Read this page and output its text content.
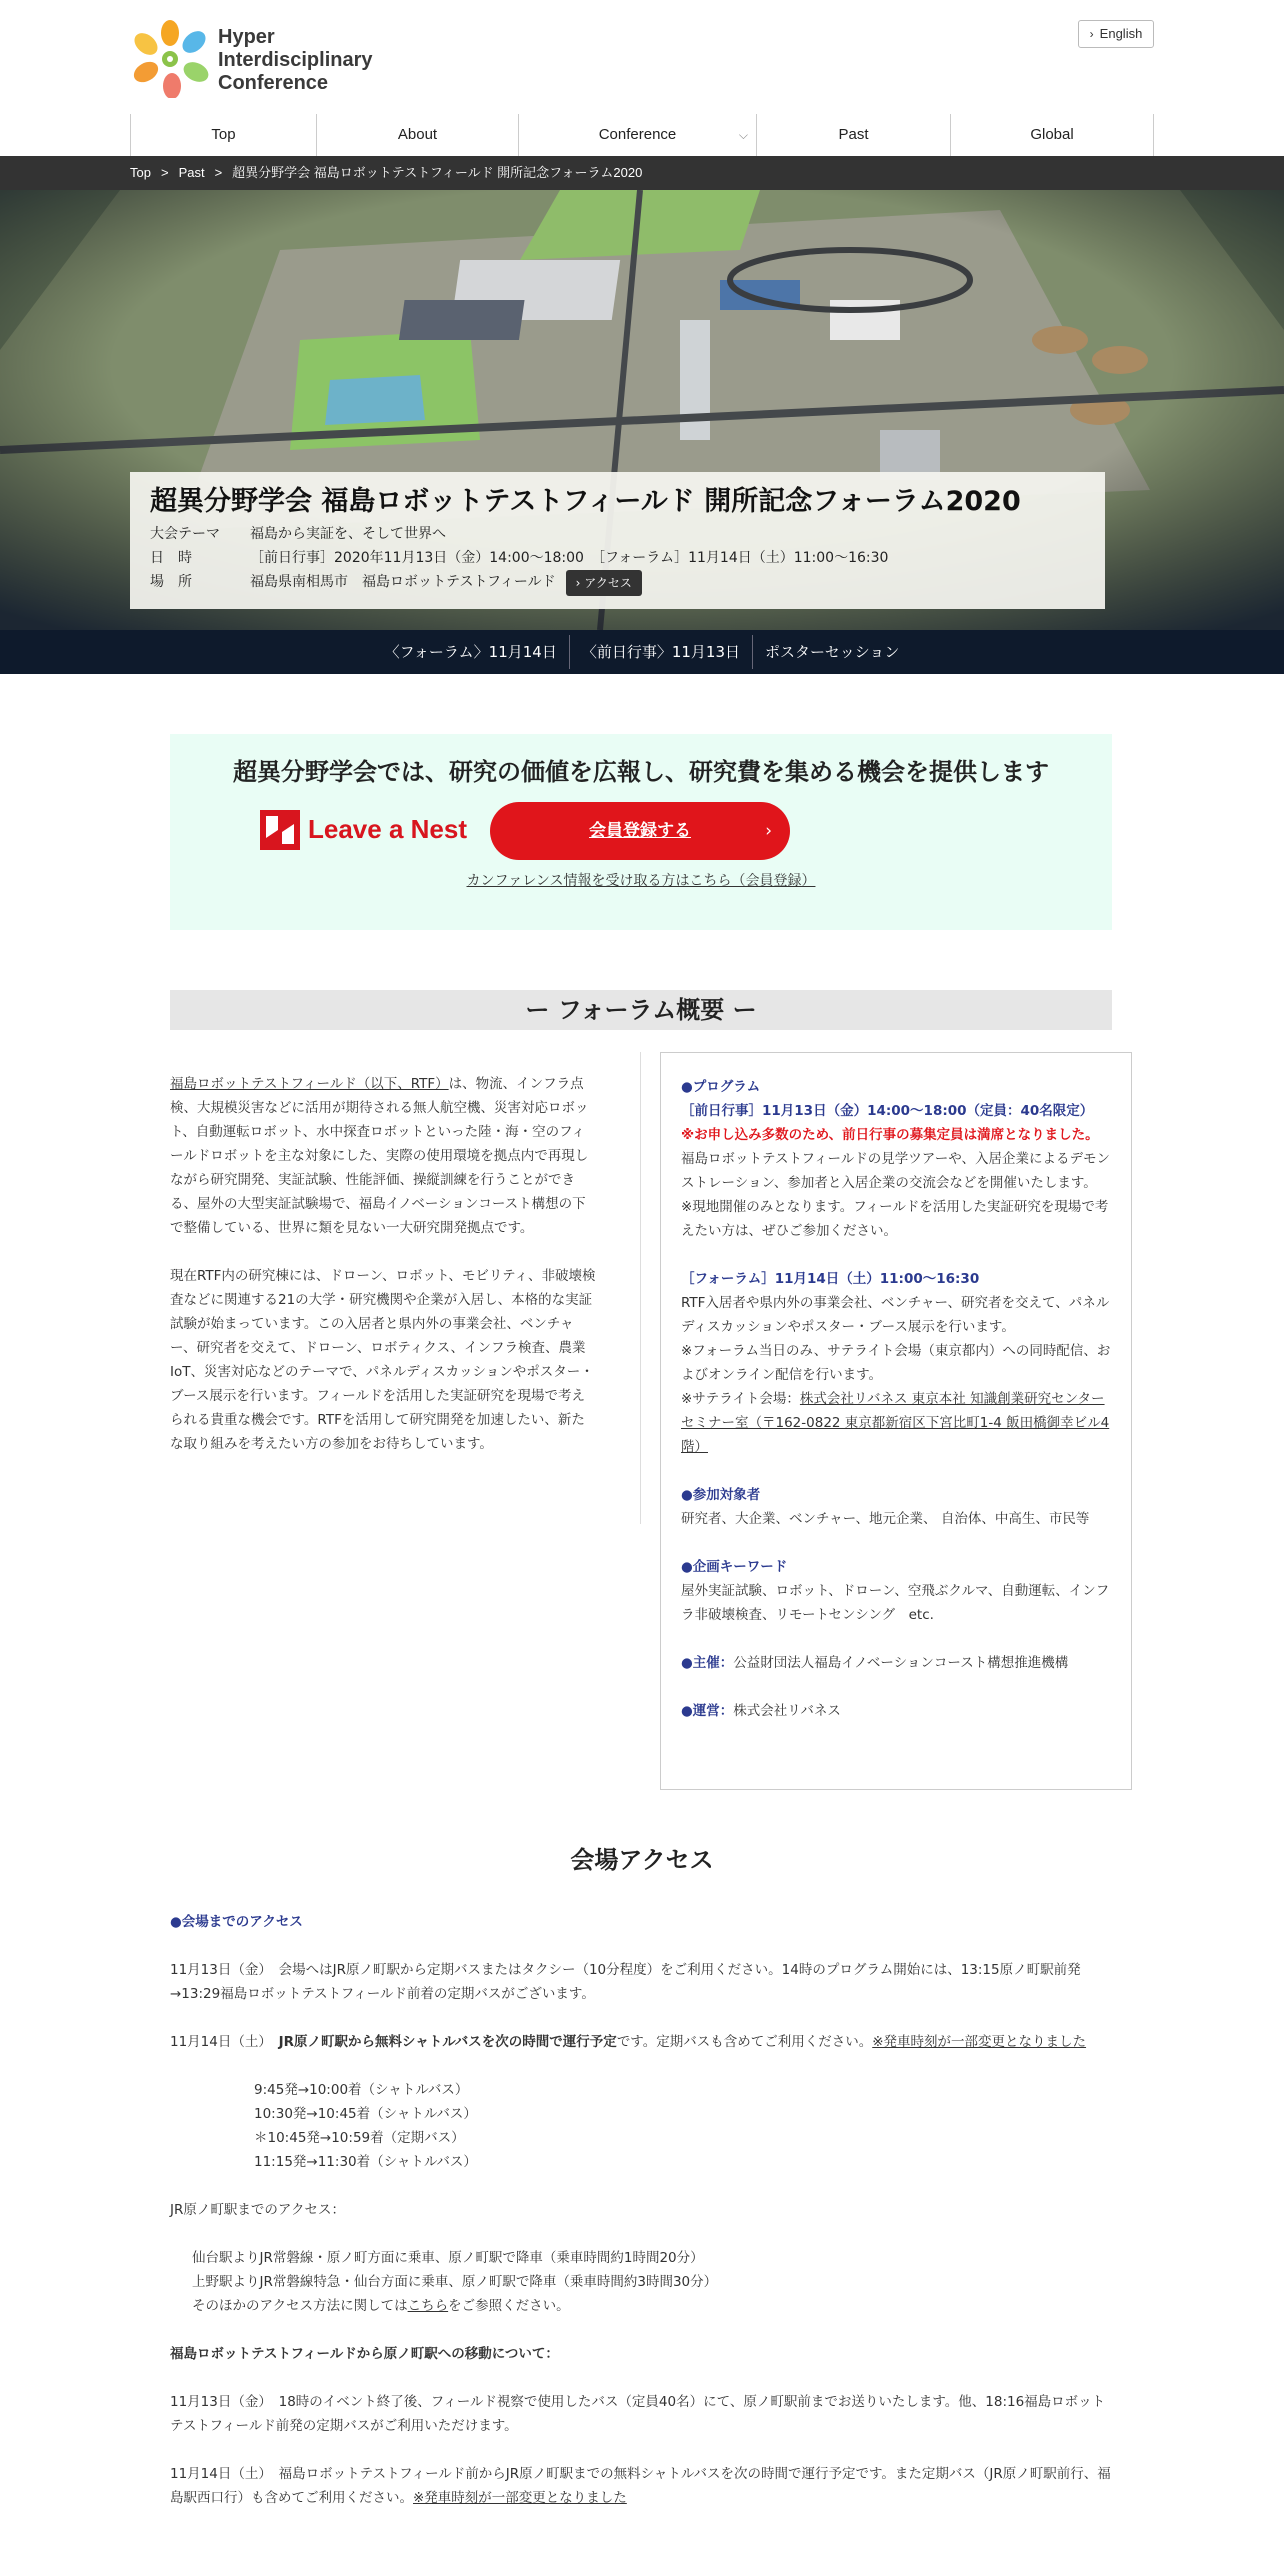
Hyper
Interdisciplinary
Conference
› English
Top	About	Conference	⌵	Past	Global
Top > Past > 超異分野学会 福島ロボットテストフィールド 開所記念フォーラム2020
超異分野学会 福島ロボットテストフィールド 開所記念フォーラム2020
大会テーマ	福島から実証を、そして世界へ
日　時	［前日行事］2020年11月13日（金）14:00〜18:00　［フォーラム］11月14日（土）11:00〜16:30
場　所	福島県南相馬市　福島ロボットテストフィールド	› アクセス
〈フォーラム〉11月14日	〈前日行事〉11月13日	ポスターセッション
超異分野学会では、研究の価値を広報し、研究費を集める機会を提供します
Leave a Nest	会員登録する	›
カンファレンス情報を受け取る方はこちら（会員登録）
ー フォーラム概要 ー

福島ロボットテストフィールド（以下、RTF）は、物流、インフラ点検、大規模災害などに活用が期待される無人航空機、災害対応ロボット、自動運転ロボット、水中探査ロボットといった陸・海・空のフィールドロボットを主な対象にした、実際の使用環境を拠点内で再現しながら研究開発、実証試験、性能評価、操縦訓練を行うことができる、屋外の大型実証試験場で、福島イノベーションコースト構想の下で整備している、世界に類を見ない一大研究開発拠点です。

現在RTF内の研究棟には、ドローン、ロボット、モビリティ、非破壊検査などに関連する21の大学・研究機関や企業が入居し、本格的な実証試験が始まっています。この入居者と県内外の事業会社、ベンチャー、研究者を交えて、ドローン、ロボティクス、インフラ検査、農業IoT、災害対応などのテーマで、パネルディスカッションやポスター・ブース展示を行います。フィールドを活用した実証研究を現場で考えられる貴重な機会です。RTFを活用して研究開発を加速したい、新たな取り組みを考えたい方の参加をお待ちしています。

●プログラム
［前日行事］11月13日（金）14:00〜18:00（定員：40名限定）
※お申し込み多数のため、前日行事の募集定員は満席となりました。
福島ロボットテストフィールドの見学ツアーや、入居企業によるデモンストレーション、参加者と入居企業の交流会などを開催いたします。
※現地開催のみとなります。フィールドを活用した実証研究を現場で考えたい方は、ぜひご参加ください。
［フォーラム］11月14日（土）11:00〜16:30
RTF入居者や県内外の事業会社、ベンチャー、研究者を交えて、パネルディスカッションやポスター・ブース展示を行います。
※フォーラム当日のみ、サテライト会場（東京都内）への同時配信、およびオンライン配信を行います。
※サテライト会場：株式会社リバネス 東京本社 知識創業研究センター セミナー室（〒162-0822 東京都新宿区下宮比町1-4 飯田橋御幸ビル4階）
●参加対象者
研究者、大企業、ベンチャー、地元企業、 自治体、中高生、市民等
●企画キーワード
屋外実証試験、ロボット、ドローン、空飛ぶクルマ、自動運転、インフラ非破壊検査、リモートセンシング　etc.
●主催：公益財団法人福島イノベーションコースト構想推進機構
●運営：株式会社リバネス
会場アクセス
●会場までのアクセス
11月13日（金）　会場へはJR原ノ町駅から定期バスまたはタクシー（10分程度）をご利用ください。14時のプログラム開始には、13:15原ノ町駅前発→13:29福島ロボットテストフィールド前着の定期バスがございます。
11月14日（土）　JR原ノ町駅から無料シャトルバスを次の時間で運行予定です。定期バスも含めてご利用ください。※発車時刻が一部変更となりました
9:45発→10:00着（シャトルバス）
10:30発→10:45着（シャトルバス）
＊10:45発→10:59着（定期バス）
11:15発→11:30着（シャトルバス）
JR原ノ町駅までのアクセス：
仙台駅よりJR常磐線・原ノ町方面に乗車、原ノ町駅で降車（乗車時間約1時間20分）
上野駅よりJR常磐線特急・仙台方面に乗車、原ノ町駅で降車（乗車時間約3時間30分）
そのほかのアクセス方法に関してはこちらをご参照ください。
福島ロボットテストフィールドから原ノ町駅への移動について：
11月13日（金）　18時のイベント終了後、フィールド視察で使用したバス（定員40名）にて、原ノ町駅前までお送りいたします。他、18:16福島ロボットテストフィールド前発の定期バスがご利用いただけます。
11月14日（土）　福島ロボットテストフィールド前からJR原ノ町駅までの無料シャトルバスを次の時間で運行予定です。また定期バス（JR原ノ町駅前行、福島駅西口行）も含めてご利用ください。※発車時刻が一部変更となりました
